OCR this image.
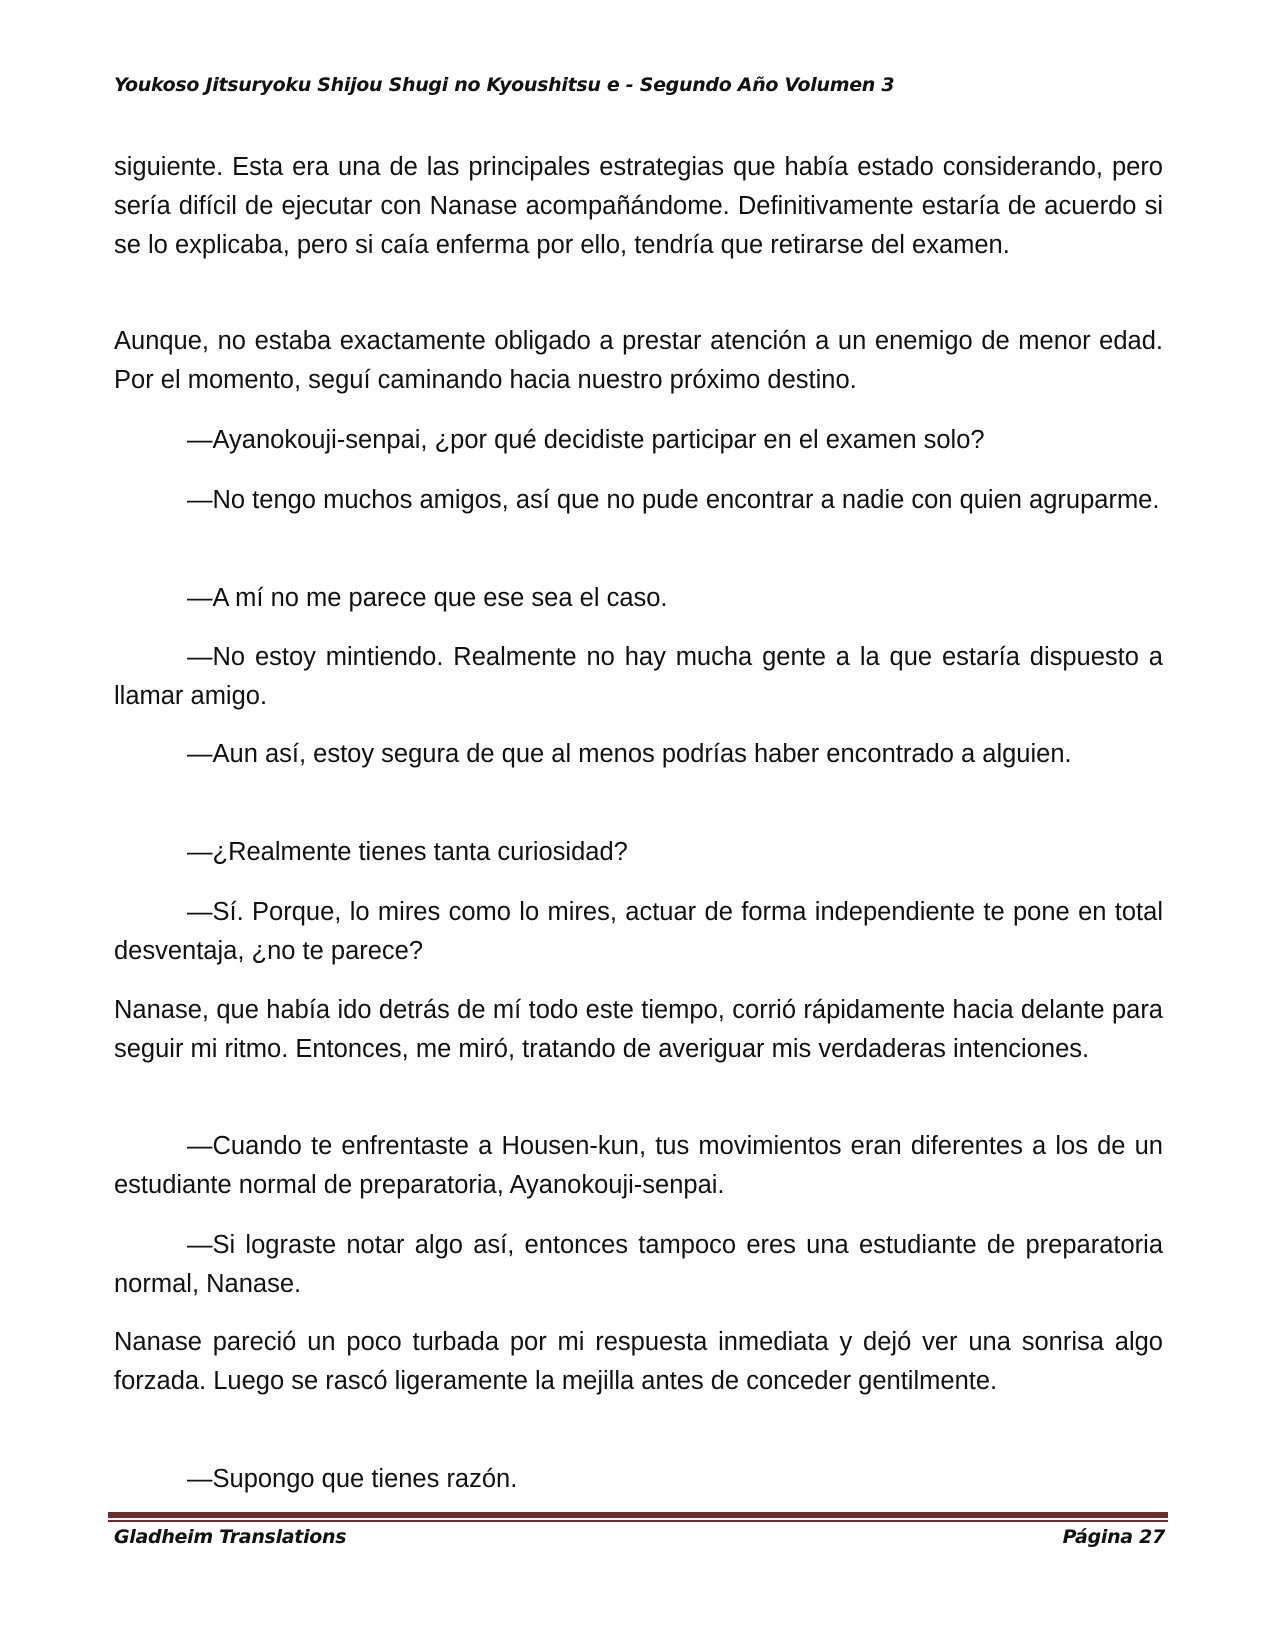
Youkoso Jitsuryoku Shijou Shugi no Kyoushitsu e - Segundo Año Volumen 3

siguiente. Esta era una de las principales estrategias que había estado considerando, pero sería difícil de ejecutar con Nanase acompañándome. Definitivamente estaría de acuerdo si se lo explicaba, pero si caía enferma por ello, tendría que retirarse del examen.

Aunque, no estaba exactamente obligado a prestar atención a un enemigo de menor edad. Por el momento, seguí caminando hacia nuestro próximo destino.

—Ayanokouji-senpai, ¿por qué decidiste participar en el examen solo?

—No tengo muchos amigos, así que no pude encontrar a nadie con quien agruparme.

—A mí no me parece que ese sea el caso.

—No estoy mintiendo. Realmente no hay mucha gente a la que estaría dispuesto a llamar amigo.

—Aun así, estoy segura de que al menos podrías haber encontrado a alguien.

—¿Realmente tienes tanta curiosidad?

—Sí. Porque, lo mires como lo mires, actuar de forma independiente te pone en total desventaja, ¿no te parece?

Nanase, que había ido detrás de mí todo este tiempo, corrió rápidamente hacia delante para seguir mi ritmo. Entonces, me miró, tratando de averiguar mis verdaderas intenciones.

—Cuando te enfrentaste a Housen-kun, tus movimientos eran diferentes a los de un estudiante normal de preparatoria, Ayanokouji-senpai.

—Si lograste notar algo así, entonces tampoco eres una estudiante de preparatoria normal, Nanase.

Nanase pareció un poco turbada por mi respuesta inmediata y dejó ver una sonrisa algo forzada. Luego se rascó ligeramente la mejilla antes de conceder gentilmente.

—Supongo que tienes razón.

Gladheim Translations	Página 27
